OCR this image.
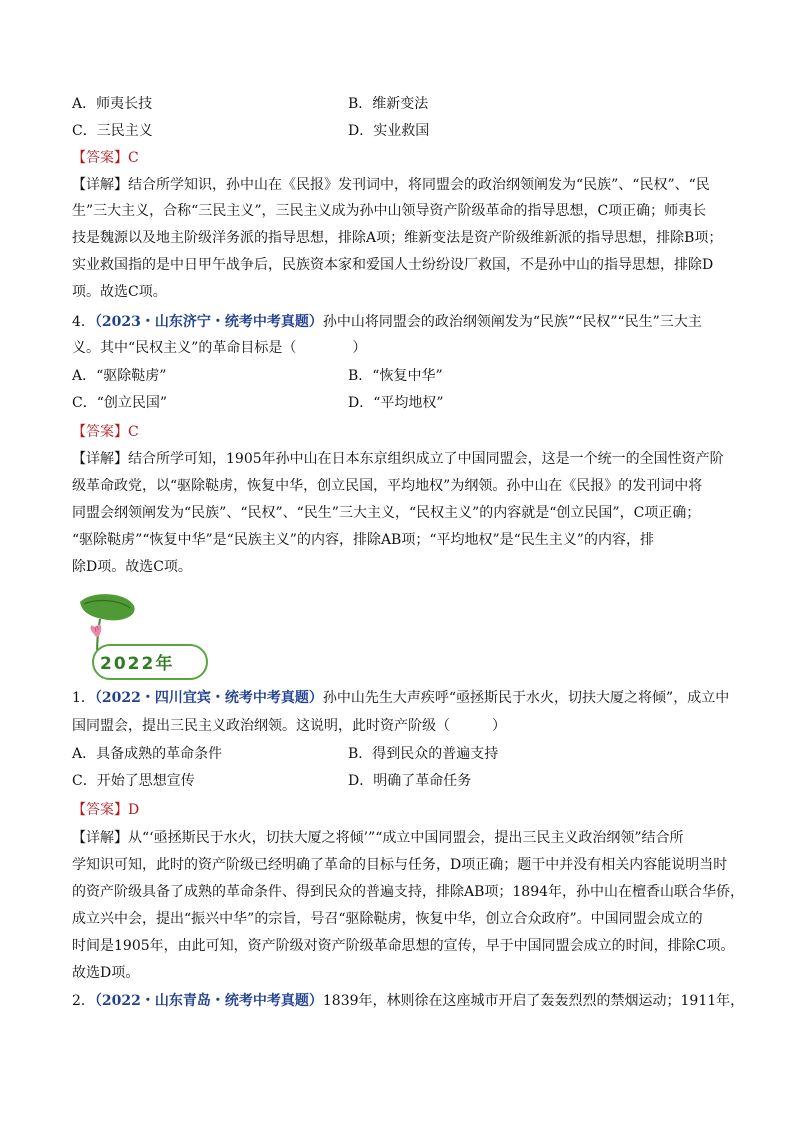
A．师夷长技	B．维新变法
C．三民主义	D．实业救国
【答案】C
【详解】结合所学知识，孙中山在《民报》发刊词中，将同盟会的政治纲领阐发为“民族”、“民权”、“民
生”三大主义，合称“三民主义”，三民主义成为孙中山领导资产阶级革命的指导思想，C项正确；师夷长
技是魏源以及地主阶级洋务派的指导思想，排除A项；维新变法是资产阶级维新派的指导思想，排除B项；
实业救国指的是中日甲午战争后，民族资本家和爱国人士纷纷设厂救国，不是孙中山的指导思想，排除D
项。故选C项。
4．（2023・山东济宁・统考中考真题）孙中山将同盟会的政治纲领阐发为“民族”“民权”“民生”三大主
义。其中“民权主义”的革命目标是（　　　　）
A．“驱除鞑虏”	B．“恢复中华”
C．“创立民国”	D．“平均地权”
【答案】C
【详解】结合所学可知，1905年孙中山在日本东京组织成立了中国同盟会，这是一个统一的全国性资产阶
级革命政党，以“驱除鞑虏，恢复中华，创立民国，平均地权”为纲领。孙中山在《民报》的发刊词中将
同盟会纲领阐发为“民族”、“民权”、“民生”三大主义，“民权主义”的内容就是“创立民国”，C项正确；
“驱除鞑虏”“恢复中华”是“民族主义”的内容，排除AB项；“平均地权”是“民生主义”的内容，排
除D项。故选C项。
2022年
1．（2022・四川宜宾・统考中考真题）孙中山先生大声疾呼“亟拯斯民于水火，切扶大厦之将倾”，成立中
国同盟会，提出三民主义政治纲领。这说明，此时资产阶级（　　　）
A．具备成熟的革命条件	B．得到民众的普遍支持
C．开始了思想宣传	D．明确了革命任务
【答案】D
【详解】从“‘亟拯斯民于水火，切扶大厦之将倾’”“成立中国同盟会，提出三民主义政治纲领”结合所
学知识可知，此时的资产阶级已经明确了革命的目标与任务，D项正确；题干中并没有相关内容能说明当时
的资产阶级具备了成熟的革命条件、得到民众的普遍支持，排除AB项；1894年，孙中山在檀香山联合华侨，
成立兴中会，提出“振兴中华”的宗旨，号召“驱除鞑虏，恢复中华，创立合众政府”。中国同盟会成立的
时间是1905年，由此可知，资产阶级对资产阶级革命思想的宣传，早于中国同盟会成立的时间，排除C项。
故选D项。
2．（2022・山东青岛・统考中考真题）1839年，林则徐在这座城市开启了轰轰烈烈的禁烟运动；1911年，
